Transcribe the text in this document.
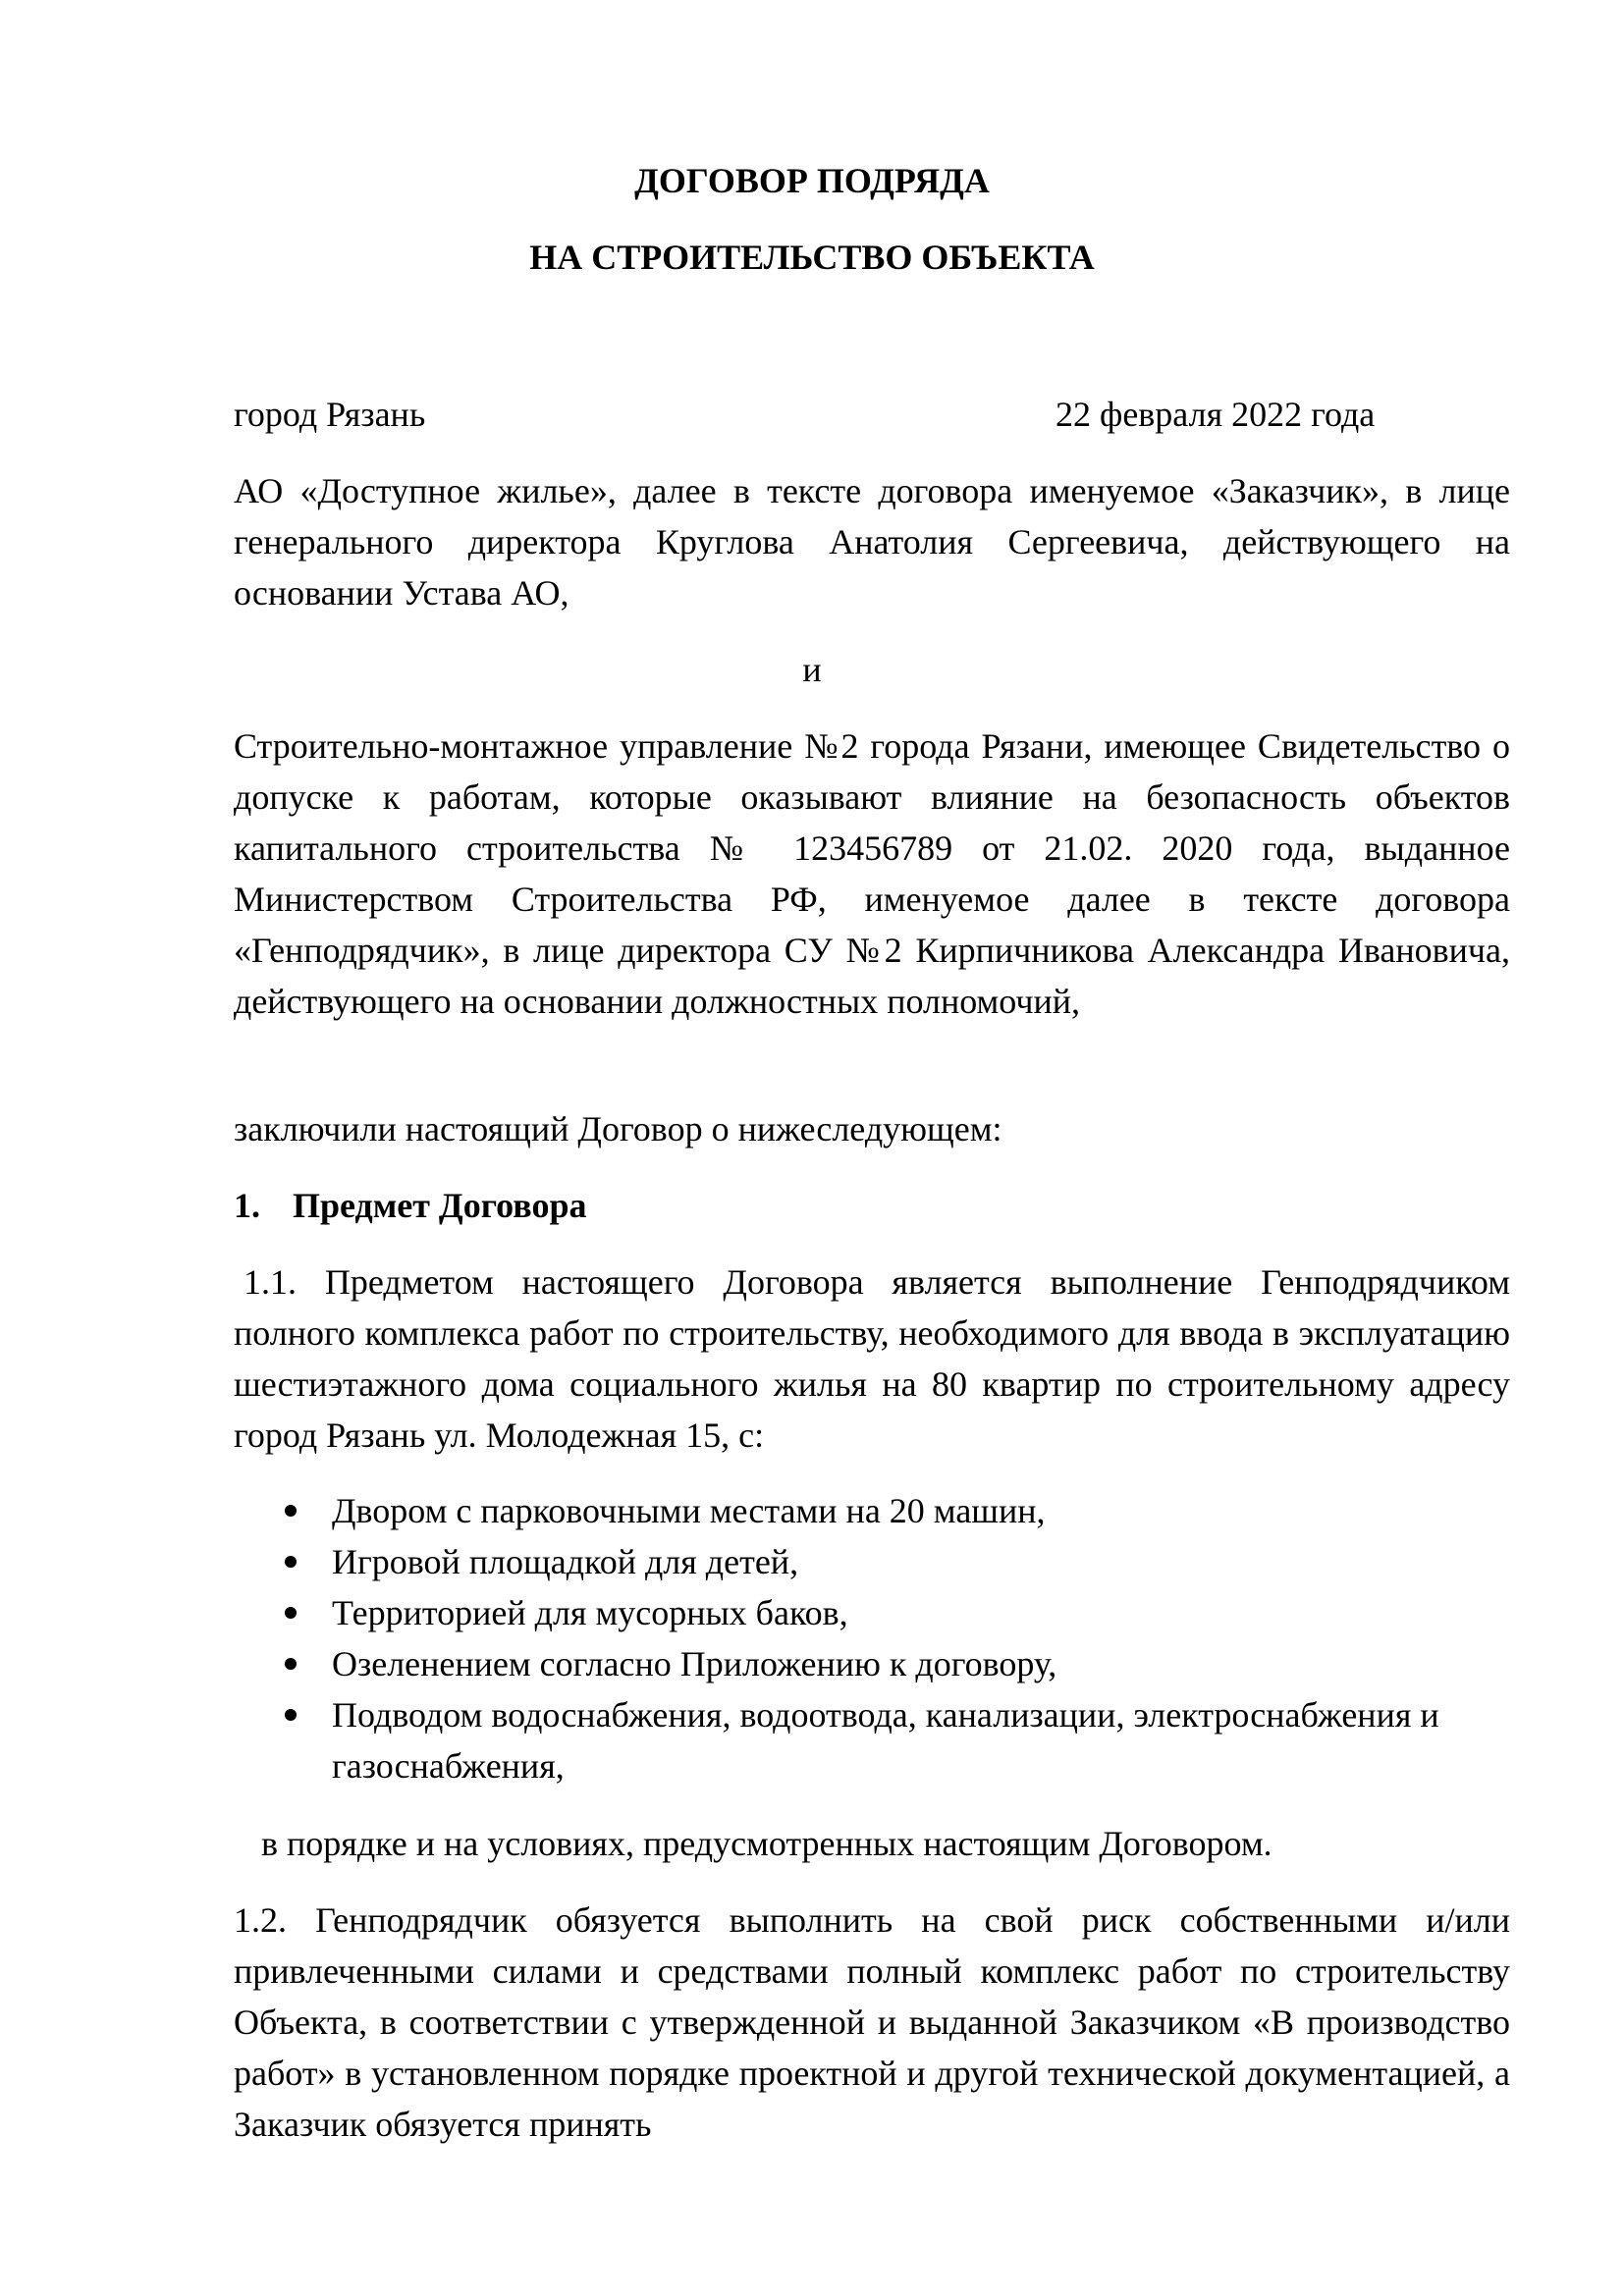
ДОГОВОР ПОДРЯДА
НА СТРОИТЕЛЬСТВО ОБЪЕКТА
город Рязань	22 февраля 2022 года

АО «Доступное жилье», далее в тексте договора именуемое «Заказчик», в лице генерального директора Круглова Анатолия Сергеевича, действующего на основании Устава АО,

и

Строительно-монтажное управление №2 города Рязани, имеющее Свидетельство о допуске к работам, которые оказывают влияние на безопасность объектов капитального строительства № 123456789 от 21.02. 2020 года, выданное Министерством Строительства РФ, именуемое далее в тексте договора «Генподрядчик», в лице директора СУ №2 Кирпичникова Александра Ивановича, действующего на основании должностных полномочий,

заключили настоящий Договор о нижеследующем:

1. Предмет Договора

1.1. Предметом настоящего Договора является выполнение Генподрядчиком полного комплекса работ по строительству, необходимого для ввода в эксплуатацию шестиэтажного дома социального жилья на 80 квартир по строительному адресу город Рязань ул. Молодежная 15, с:

Двором с парковочными местами на 20 машин,
Игровой площадкой для детей,
Территорией для мусорных баков,
Озеленением согласно Приложению к договору,
Подводом водоснабжения, водоотвода, канализации, электроснабжения и газоснабжения,

в порядке и на условиях, предусмотренных настоящим Договором.

1.2. Генподрядчик обязуется выполнить на свой риск собственными и/или привлеченными силами и средствами полный комплекс работ по строительству Объекта, в соответствии с утвержденной и выданной Заказчиком «В производство работ» в установленном порядке проектной и другой технической документацией, а Заказчик обязуется принять
